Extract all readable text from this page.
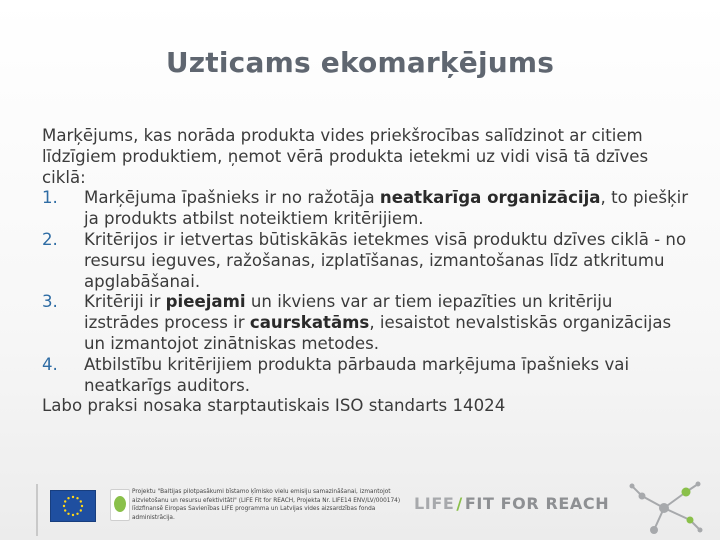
Uzticams ekomarķējums

Marķējums, kas norāda produkta vides priekšrocības salīdzinot ar citiem līdzīgiem produktiem, ņemot vērā produkta ietekmi uz vidi visā tā dzīves ciklā:

1. Marķējuma īpašnieks ir no ražotāja neatkarīga organizācija, to piešķir ja produkts atbilst noteiktiem kritērijiem.
2. Kritērijos ir ietvertas būtiskākās ietekmes visā produktu dzīves ciklā - no resursu ieguves, ražošanas, izplatīšanas, izmantošanas līdz atkritumu apglabāšanai.
3. Kritēriji ir pieejami un ikviens var ar tiem iepazīties un kritēriju izstrādes process ir caurskatāms, iesaistot nevalstiskās organizācijas un izmantojot zinātniskas metodes.
4. Atbilstību kritērijiem produkta pārbauda marķējuma īpašnieks vai neatkarīgs auditors.

Labo praksi nosaka starptautiskais ISO standarts 14024

Projektu "Baltijas pilotpasākumi bīstamo ķīmisko vielu emisiju samazināšanai, izmantojot aizvietošanu un resursu efektivitāti" (LIFE Fit for REACH, Projekta Nr. LIFE14 ENV/LV/000174) līdzfinansē Eiropas Savienības LIFE programma un Latvijas vides aizsardzības fonda administrācija.
LIFE / FIT FOR REACH
